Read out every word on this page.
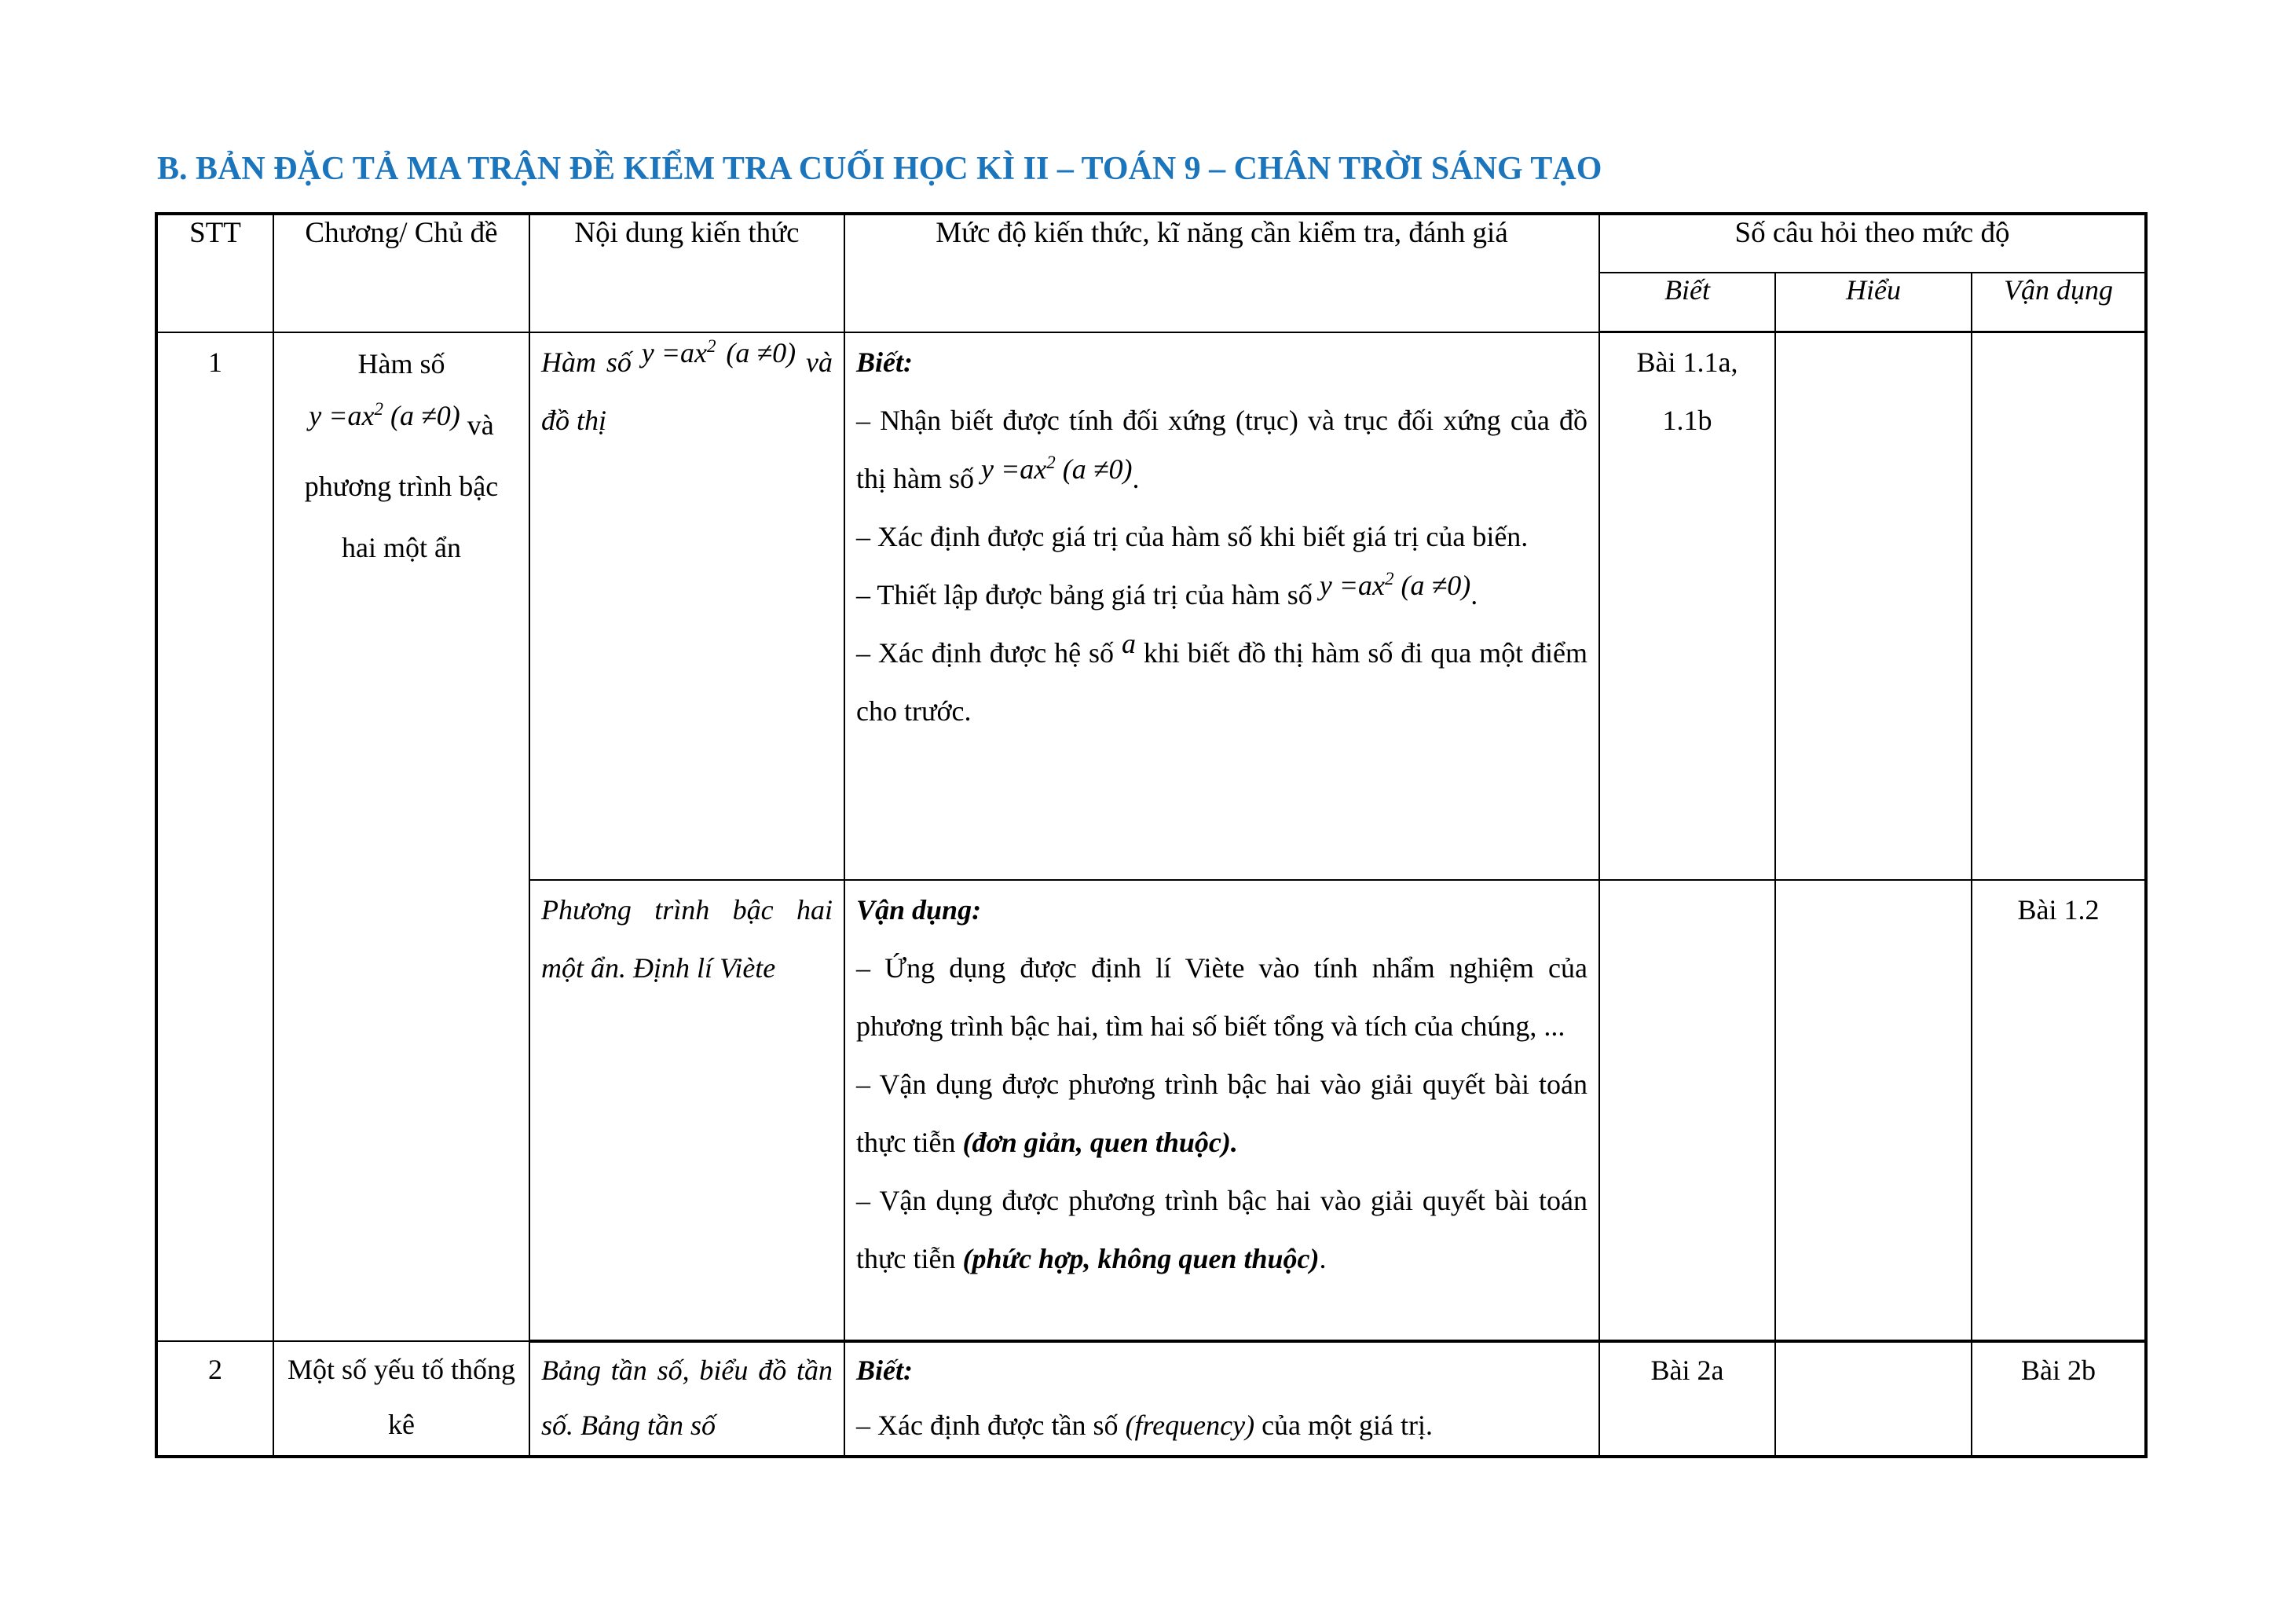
B. BẢN ĐẶC TẢ MA TRẬN ĐỀ KIỂM TRA CUỐI HỌC KÌ II – TOÁN 9 – CHÂN TRỜI SÁNG TẠO
STT	Chương/ Chủ đề	Nội dung kiến thức	Mức độ kiến thức, kĩ năng cần kiểm tra, đánh giá	Số câu hỏi theo mức độ		
				Biết	Hiểu	Vận dụng
1	Hàm số $y =ax^2$ (a ≠0) và phương trình bậc hai một ẩn	Hàm số $y =ax^2$ (a ≠0) và đồ thị	Biết:
– Nhận biết được tính đối xứng (trục) và trục đối xứng của đồ thị hàm số $y =ax^2$ (a ≠0).
– Xác định được giá trị của hàm số khi biết giá trị của biến.
– Thiết lập được bảng giá trị của hàm số $y =ax^2$ (a ≠0).
– Xác định được hệ số a khi biết đồ thị hàm số đi qua một điểm cho trước.	Bài 1.1a, 1.1b		

		Phương trình bậc hai một ẩn. Định lí Viète	Vận dụng:
– Ứng dụng được định lí Viète vào tính nhẩm nghiệm của phương trình bậc hai, tìm hai số biết tổng và tích của chúng, ...
– Vận dụng được phương trình bậc hai vào giải quyết bài toán thực tiễn (đơn giản, quen thuộc).
– Vận dụng được phương trình bậc hai vào giải quyết bài toán thực tiễn (phức hợp, không quen thuộc).			Bài 1.2

2	Một số yếu tố thống kê	Bảng tần số, biểu đồ tần số. Bảng tần số	Biết:
– Xác định được tần số (frequency) của một giá trị.	Bài 2a		Bài 2b
